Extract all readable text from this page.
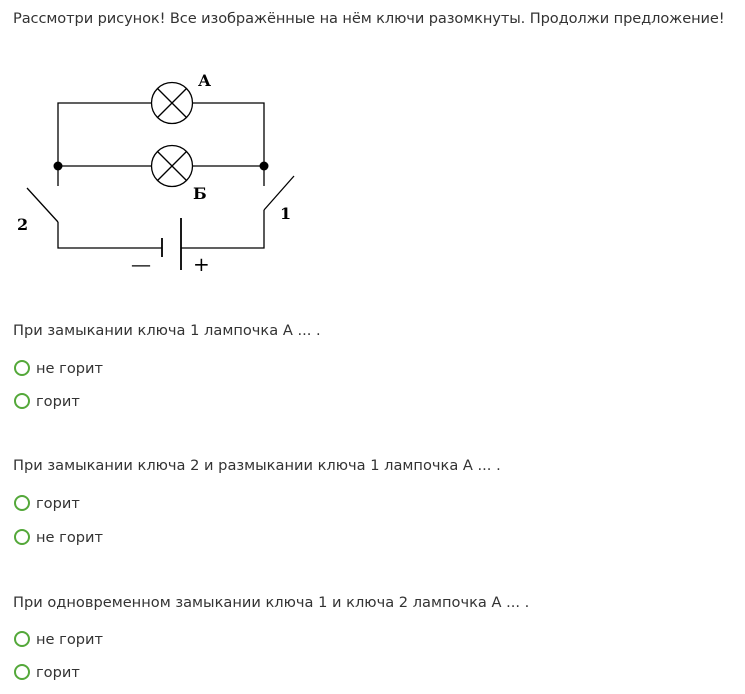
Рассмотри рисунок! Все изображённые на нём ключи разомкнуты. Продолжи предложение!
А
Б
2
1
— +
При замыкании ключа 1 лампочка А ... .
не горит
горит
При замыкании ключа 2 и размыкании ключа 1 лампочка А ... .
горит
не горит
При одновременном замыкании ключа 1 и ключа 2 лампочка А ... .
не горит
горит
